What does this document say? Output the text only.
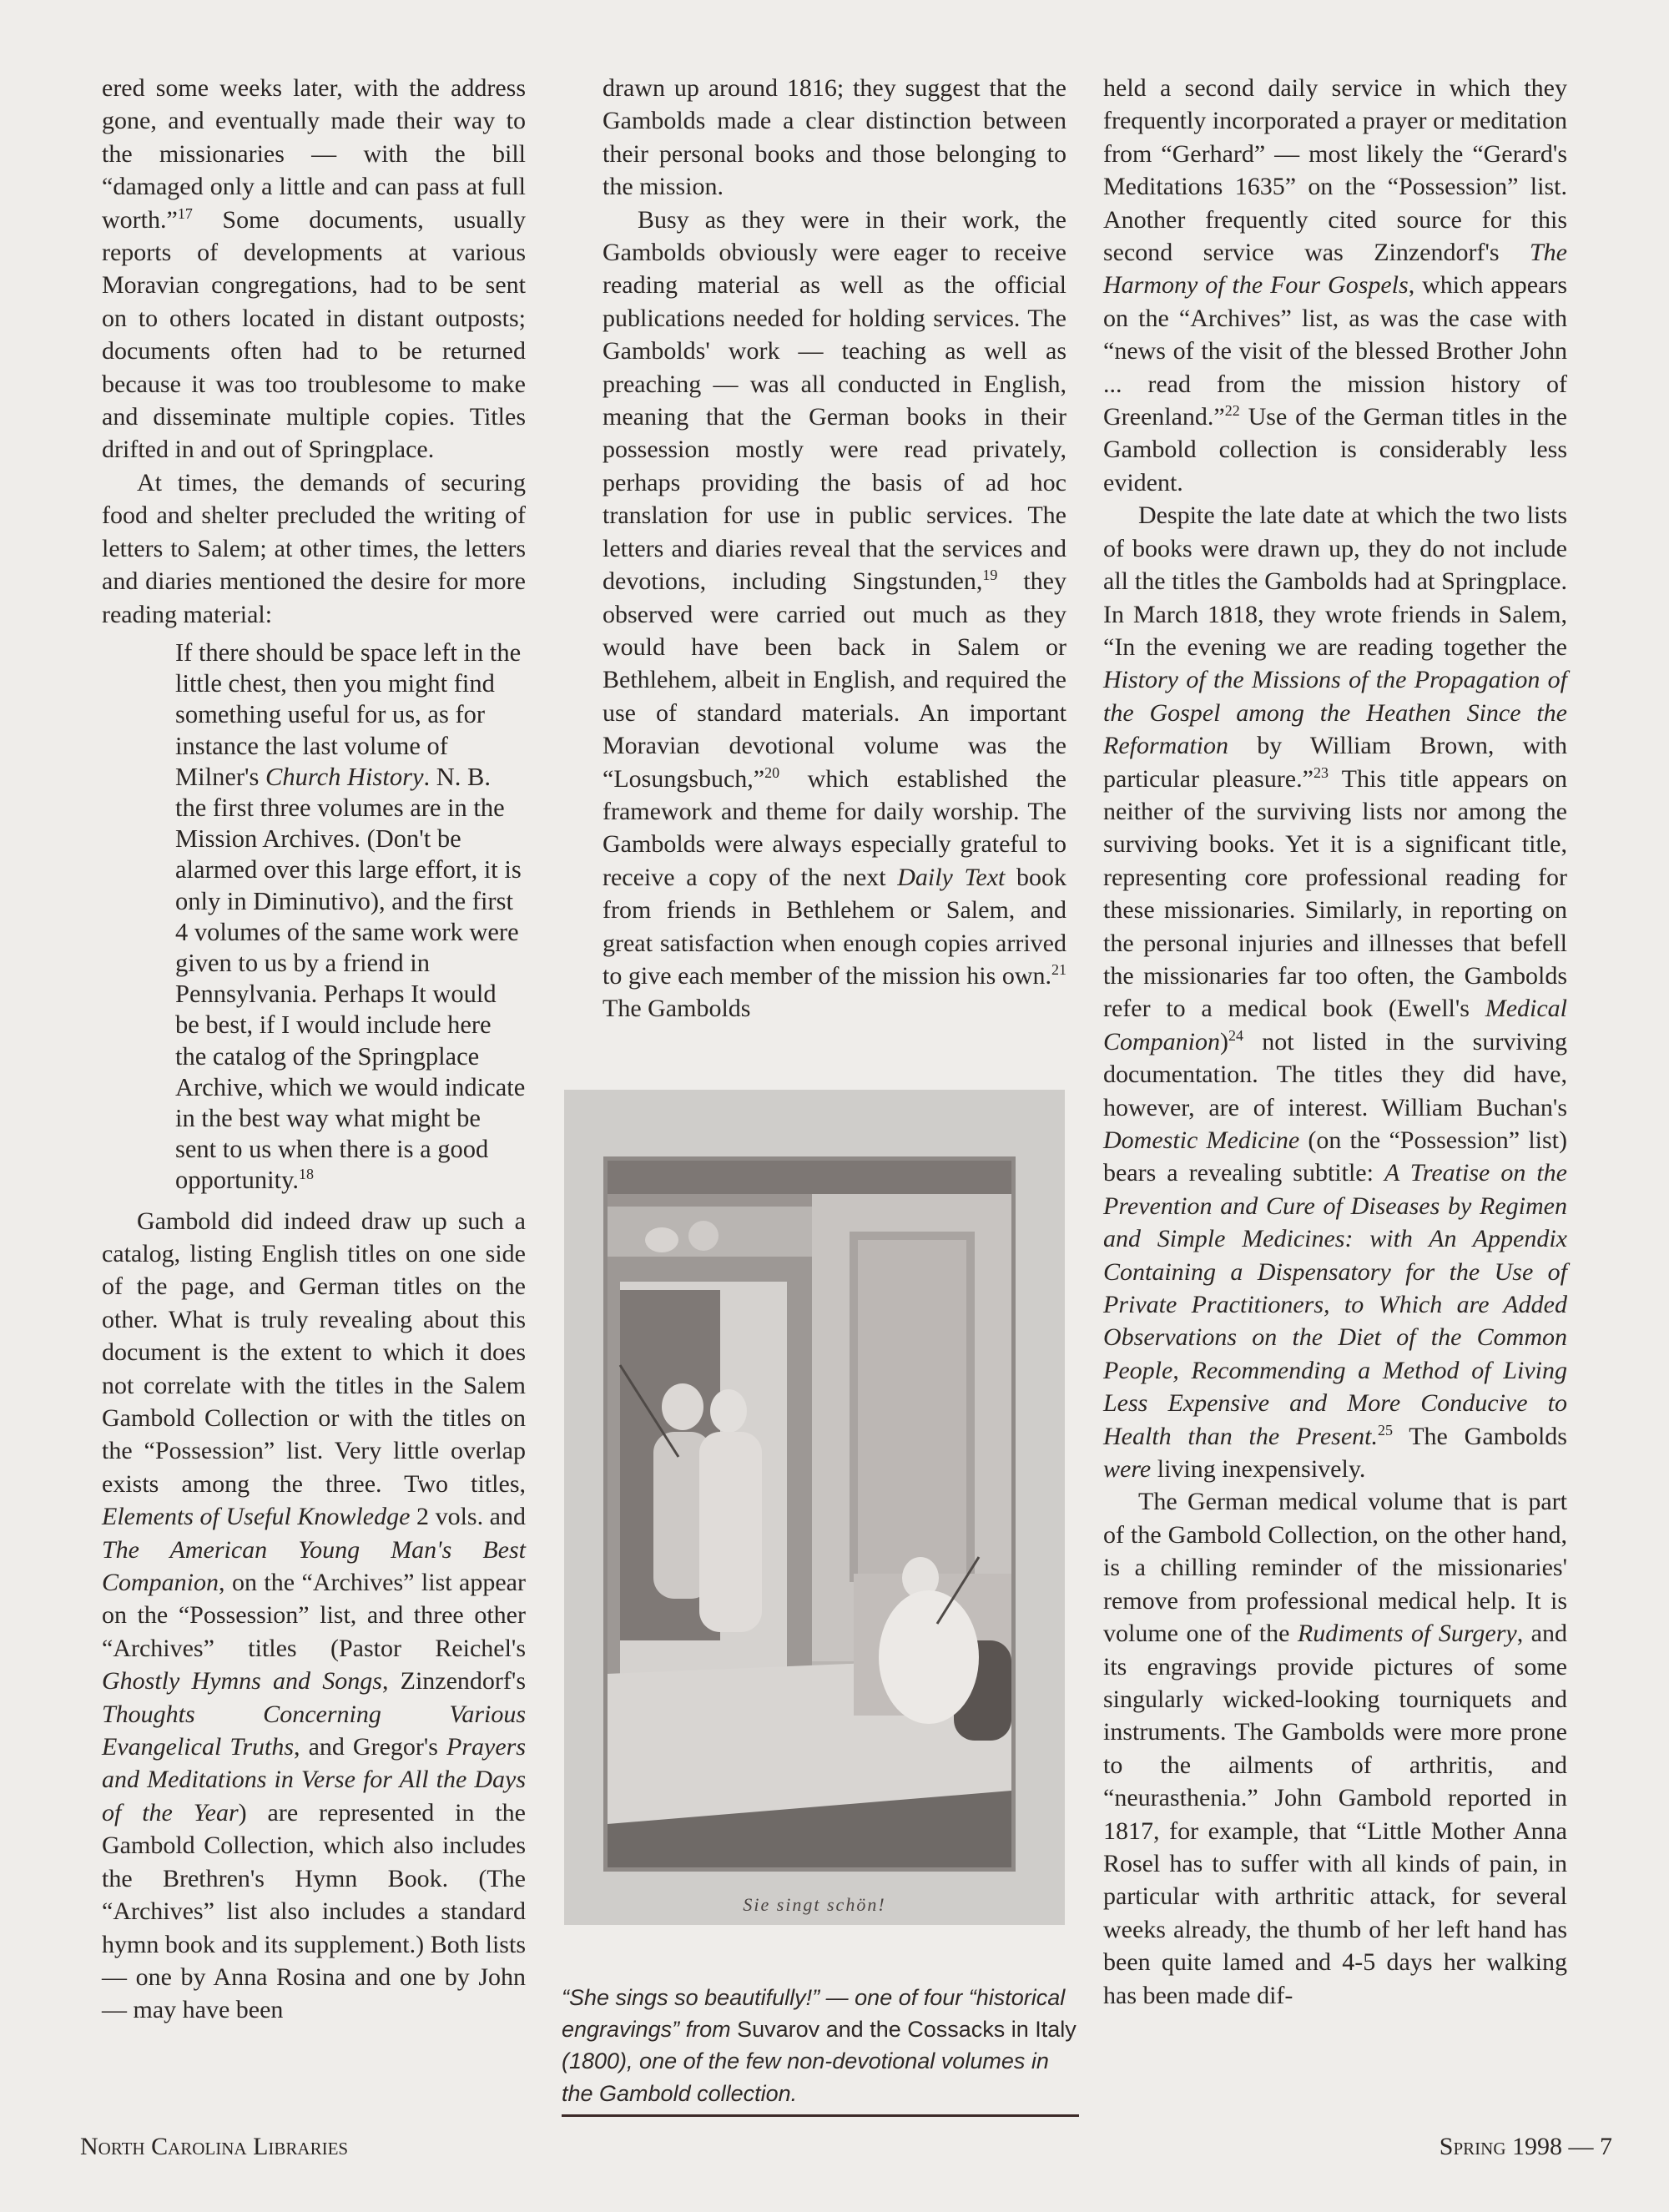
ered some weeks later, with the address gone, and eventually made their way to the missionaries — with the bill “damaged only a little and can pass at full worth.”$^{17}$ Some documents, usually reports of developments at various Moravian congregations, had to be sent on to others located in distant outposts; documents often had to be returned because it was too troublesome to make and disseminate multiple copies. Titles drifted in and out of Springplace.

At times, the demands of securing food and shelter precluded the writing of letters to Salem; at other times, the letters and diaries mentioned the desire for more reading material:

If there should be space left in the little chest, then you might find something useful for us, as for instance the last volume of Milner's Church History. N. B. the first three volumes are in the Mission Archives. (Don't be alarmed over this large effort, it is only in Diminutivo), and the first 4 volumes of the same work were given to us by a friend in Pennsylvania. Perhaps It would be best, if I would include here the catalog of the Springplace Archive, which we would indicate in the best way what might be sent to us when there is a good opportunity.$^{18}$

Gambold did indeed draw up such a catalog, listing English titles on one side of the page, and German titles on the other. What is truly revealing about this document is the extent to which it does not correlate with the titles in the Salem Gambold Collection or with the titles on the “Possession” list. Very little overlap exists among the three. Two titles, Elements of Useful Knowledge 2 vols. and The American Young Man's Best Companion, on the “Archives” list appear on the “Possession” list, and three other “Archives” titles (Pastor Reichel's Ghostly Hymns and Songs, Zinzendorf's Thoughts Concerning Various Evangelical Truths, and Gregor's Prayers and Meditations in Verse for All the Days of the Year) are represented in the Gambold Collection, which also includes the Brethren's Hymn Book. (The “Archives” list also includes a standard hymn book and its supplement.) Both lists — one by Anna Rosina and one by John — may have been

drawn up around 1816; they suggest that the Gambolds made a clear distinction between their personal books and those belonging to the mission.

Busy as they were in their work, the Gambolds obviously were eager to receive reading material as well as the official publications needed for holding services. The Gambolds' work — teaching as well as preaching — was all conducted in English, meaning that the German books in their possession mostly were read privately, perhaps providing the basis of ad hoc translation for use in public services. The letters and diaries reveal that the services and devotions, including Singstunden,$^{19}$ they observed were carried out much as they would have been back in Salem or Bethlehem, albeit in English, and required the use of standard materials. An important Moravian devotional volume was the “Losungsbuch,”$^{20}$ which established the framework and theme for daily worship. The Gambolds were always especially grateful to receive a copy of the next Daily Text book from friends in Bethlehem or Salem, and great satisfaction when enough copies arrived to give each member of the mission his own.$^{21}$ The Gambolds

held a second daily service in which they frequently incorporated a prayer or meditation from “Gerhard” — most likely the “Gerard's Meditations 1635” on the “Possession” list. Another frequently cited source for this second service was Zinzendorf's The Harmony of the Four Gospels, which appears on the “Archives” list, as was the case with “news of the visit of the blessed Brother John ... read from the mission history of Greenland.”$^{22}$ Use of the German titles in the Gambold collection is considerably less evident.

Despite the late date at which the two lists of books were drawn up, they do not include all the titles the Gambolds had at Springplace. In March 1818, they wrote friends in Salem, “In the evening we are reading together the History of the Missions of the Propagation of the Gospel among the Heathen Since the Reformation by William Brown, with particular pleasure.”$^{23}$ This title appears on neither of the surviving lists nor among the surviving books. Yet it is a significant title, representing core professional reading for these missionaries. Similarly, in reporting on the personal injuries and illnesses that befell the missionaries far too often, the Gambolds refer to a medical book (Ewell's Medical Companion)$^{24}$ not listed in the surviving documentation. The titles they did have, however, are of interest. William Buchan's Domestic Medicine (on the “Possession” list) bears a revealing subtitle: A Treatise on the Prevention and Cure of Diseases by Regimen and Simple Medicines: with An Appendix Containing a Dispensatory for the Use of Private Practitioners, to Which are Added Observations on the Diet of the Common People, Recommending a Method of Living Less Expensive and More Conducive to Health than the Present.$^{25}$ The Gambolds were living inexpensively.

The German medical volume that is part of the Gambold Collection, on the other hand, is a chilling reminder of the missionaries' remove from professional medical help. It is volume one of the Rudiments of Surgery, and its engravings provide pictures of some singularly wicked-looking tourniquets and instruments. The Gambolds were more prone to the ailments of arthritis, and “neurasthenia.” John Gambold reported in 1817, for example, that “Little Mother Anna Rosel has to suffer with all kinds of pain, in particular with arthritic attack, for several weeks already, the thumb of her left hand has been quite lamed and 4-5 days her walking has been made dif-

Sie singt schön!
“She sings so beautifully!” — one of four “historical engravings” from Suvarov and the Cossacks in Italy (1800), one of the few non-devotional volumes in the Gambold collection.
North Carolina Libraries	Spring 1998 — 7
